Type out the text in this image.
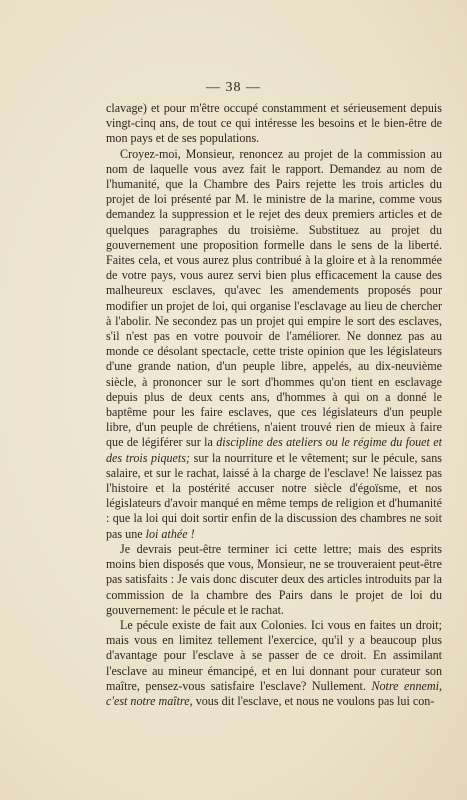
— 38 —

clavage) et pour m'être occupé constamment et sérieusement depuis vingt-cinq ans, de tout ce qui intéresse les besoins et le bien-être de mon pays et de ses populations.

Croyez-moi, Monsieur, renoncez au projet de la commission au nom de laquelle vous avez fait le rapport. Demandez au nom de l'humanité, que la Chambre des Pairs rejette les trois articles du projet de loi présenté par M. le ministre de la marine, comme vous demandez la suppression et le rejet des deux premiers articles et de quelques paragraphes du troisième. Substituez au projet du gouvernement une proposition formelle dans le sens de la liberté. Faites cela, et vous aurez plus contribué à la gloire et à la renommée de votre pays, vous aurez servi bien plus efficacement la cause des malheureux esclaves, qu'avec les amendements proposés pour modifier un projet de loi, qui organise l'esclavage au lieu de chercher à l'abolir. Ne secondez pas un projet qui empire le sort des esclaves, s'il n'est pas en votre pouvoir de l'améliorer. Ne donnez pas au monde ce désolant spectacle, cette triste opinion que les législateurs d'une grande nation, d'un peuple libre, appelés, au dix-neuvième siècle, à prononcer sur le sort d'hommes qu'on tient en esclavage depuis plus de deux cents ans, d'hommes à qui on a donné le baptême pour les faire esclaves, que ces législateurs d'un peuple libre, d'un peuple de chrétiens, n'aient trouvé rien de mieux à faire que de légiférer sur la discipline des ateliers ou le régime du fouet et des trois piquets; sur la nourriture et le vêtement; sur le pécule, sans salaire, et sur le rachat, laissé à la charge de l'esclave! Ne laissez pas l'histoire et la postérité accuser notre siècle d'égoïsme, et nos législateurs d'avoir manqué en même temps de religion et d'humanité : que la loi qui doit sortir enfin de la discussion des chambres ne soit pas une loi athée !

Je devrais peut-être terminer ici cette lettre; mais des esprits moins bien disposés que vous, Monsieur, ne se trouveraient peut-être pas satisfaits : Je vais donc discuter deux des articles introduits par la commission de la chambre des Pairs dans le projet de loi du gouvernement: le pécule et le rachat.

Le pécule existe de fait aux Colonies. Ici vous en faites un droit; mais vous en limitez tellement l'exercice, qu'il y a beaucoup plus d'avantage pour l'esclave à se passer de ce droit. En assimilant l'esclave au mineur émancipé, et en lui donnant pour curateur son maître, pensez-vous satisfaire l'esclave? Nullement. Notre ennemi, c'est notre maître, vous dit l'esclave, et nous ne voulons pas lui con-
